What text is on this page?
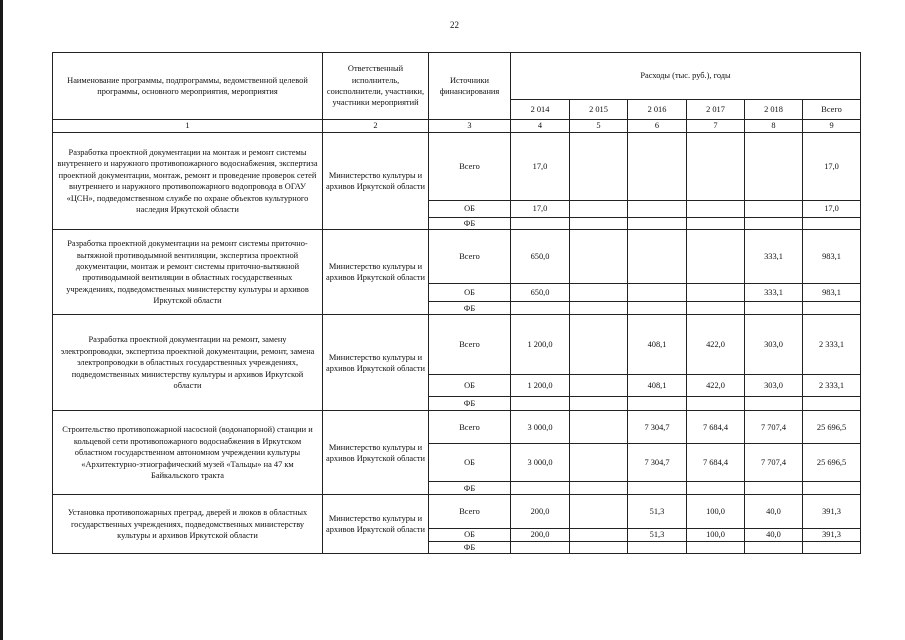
22
Наименование программы, подпрограммы, ведомственной целевой программы, основного мероприятия, мероприятия	Ответственный исполнитель, соисполнители, участники, участники мероприятий	Источники финансирования	Расходы (тыс. руб.), годы					
			2 014	2 015	2 016	2 017	2 018	Всего
1	2	3	4	5	6	7	8	9
Разработка проектной документации на монтаж и ремонт системы внутреннего и наружного противопожарного водоснабжения, экспертиза проектной документации, монтаж, ремонт и проведение проверок сетей внутреннего и наружного противопожарного водопровода в ОГАУ «ЦСН», подведомственном службе по охране объектов культурного наследия Иркутской области	Министерство культуры и архивов Иркутской области	Всего	17,0					17,0
		ОБ	17,0					17,0
		ФБ						
Разработка проектной документации на ремонт системы приточно-вытяжной противодымной вентиляции, экспертиза проектной документации, монтаж и ремонт системы приточно-вытяжной противодымной вентиляции в областных государственных учреждениях, подведомственных министерству культуры и архивов Иркутской области	Министерство культуры и архивов Иркутской области	Всего	650,0				333,1	983,1
		ОБ	650,0				333,1	983,1
		ФБ						
Разработка проектной документации на ремонт, замену электропроводки, экспертиза проектной документации, ремонт, замена электропроводки в областных государственных учреждениях, подведомственных министерству культуры и архивов Иркутской области	Министерство культуры и архивов Иркутской области	Всего	1 200,0		408,1	422,0	303,0	2 333,1
		ОБ	1 200,0		408,1	422,0	303,0	2 333,1
		ФБ						
Строительство противопожарной насосной (водонапорной) станции и кольцевой сети противопожарного водоснабжения в Иркутском областном государственном автономном учреждении культуры «Архитектурно-этнографический музей «Тальцы» на 47 км Байкальского тракта	Министерство культуры и архивов Иркутской области	Всего	3 000,0		7 304,7	7 684,4	7 707,4	25 696,5
		ОБ	3 000,0		7 304,7	7 684,4	7 707,4	25 696,5
		ФБ						
Установка противопожарных преград, дверей и люков в областных государственных учреждениях, подведомственных министерству культуры и архивов Иркутской области	Министерство культуры и архивов Иркутской области	Всего	200,0		51,3	100,0	40,0	391,3
		ОБ	200,0		51,3	100,0	40,0	391,3
		ФБ						
